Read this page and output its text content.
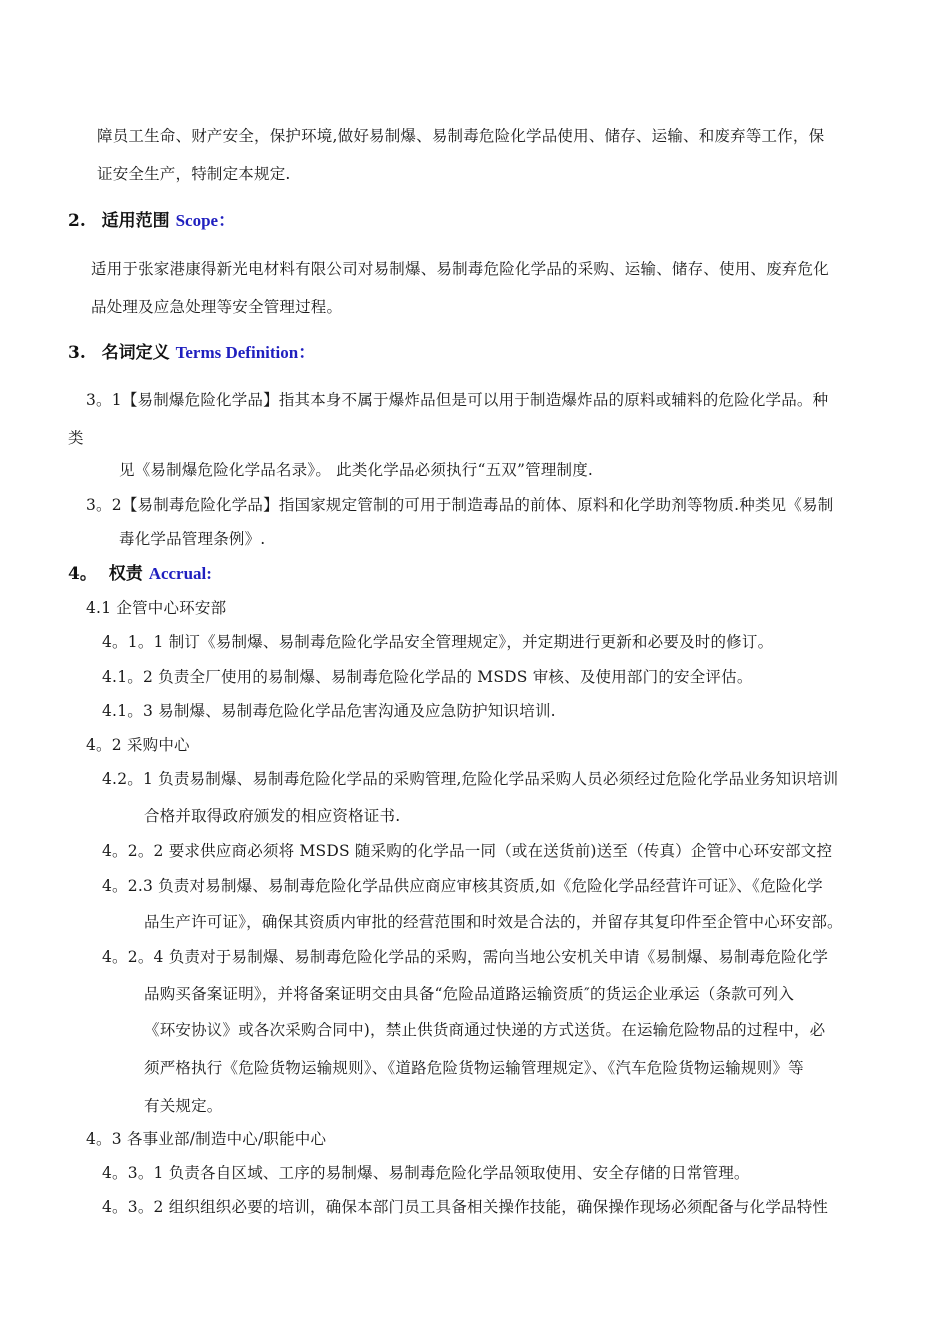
障员工生命、财产安全，保护环境,做好易制爆、易制毒危险化学品使用、储存、运输、和废弃等工作，保
证安全生产，特制定本规定.
2. 适用范围 Scope：
适用于张家港康得新光电材料有限公司对易制爆、易制毒危险化学品的采购、运输、储存、使用、废弃危化
品处理及应急处理等安全管理过程。
3. 名词定义 Terms Definition：
3。1【易制爆危险化学品】指其本身不属于爆炸品但是可以用于制造爆炸品的原料或辅料的危险化学品。种
类
见《易制爆危险化学品名录》。 此类化学品必须执行“五双”管理制度.
3。2【易制毒危险化学品】指国家规定管制的可用于制造毒品的前体、原料和化学助剂等物质.种类见《易制
毒化学品管理条例》.
4。 权责 Accrual:
4.1 企管中心环安部
4。1。1 制订《易制爆、易制毒危险化学品安全管理规定》，并定期进行更新和必要及时的修订。
4.1。2 负责全厂使用的易制爆、易制毒危险化学品的 MSDS 审核、及使用部门的安全评估。
4.1。3 易制爆、易制毒危险化学品危害沟通及应急防护知识培训.
4。2 采购中心
4.2。1 负责易制爆、易制毒危险化学品的采购管理,危险化学品采购人员必须经过危险化学品业务知识培训
合格并取得政府颁发的相应资格证书.
4。2。2 要求供应商必须将 MSDS 随采购的化学品一同（或在送货前)送至（传真）企管中心环安部文控
4。2.3 负责对易制爆、易制毒危险化学品供应商应审核其资质,如《危险化学品经营许可证》、《危险化学
品生产许可证》，确保其资质内审批的经营范围和时效是合法的，并留存其复印件至企管中心环安部。
4。2。4 负责对于易制爆、易制毒危险化学品的采购，需向当地公安机关申请《易制爆、易制毒危险化学
品购买备案证明》，并将备案证明交由具备“危险品道路运输资质″的货运企业承运（条款可列入
《环安协议》或各次采购合同中)，禁止供货商通过快递的方式送货。在运输危险物品的过程中，必
须严格执行《危险货物运输规则》、《道路危险货物运输管理规定》、《汽车危险货物运输规则》等
有关规定。
4。3 各事业部/制造中心/职能中心
4。3。1 负责各自区域、工序的易制爆、易制毒危险化学品领取使用、安全存储的日常管理。
4。3。2 组织组织必要的培训，确保本部门员工具备相关操作技能，确保操作现场必须配备与化学品特性
